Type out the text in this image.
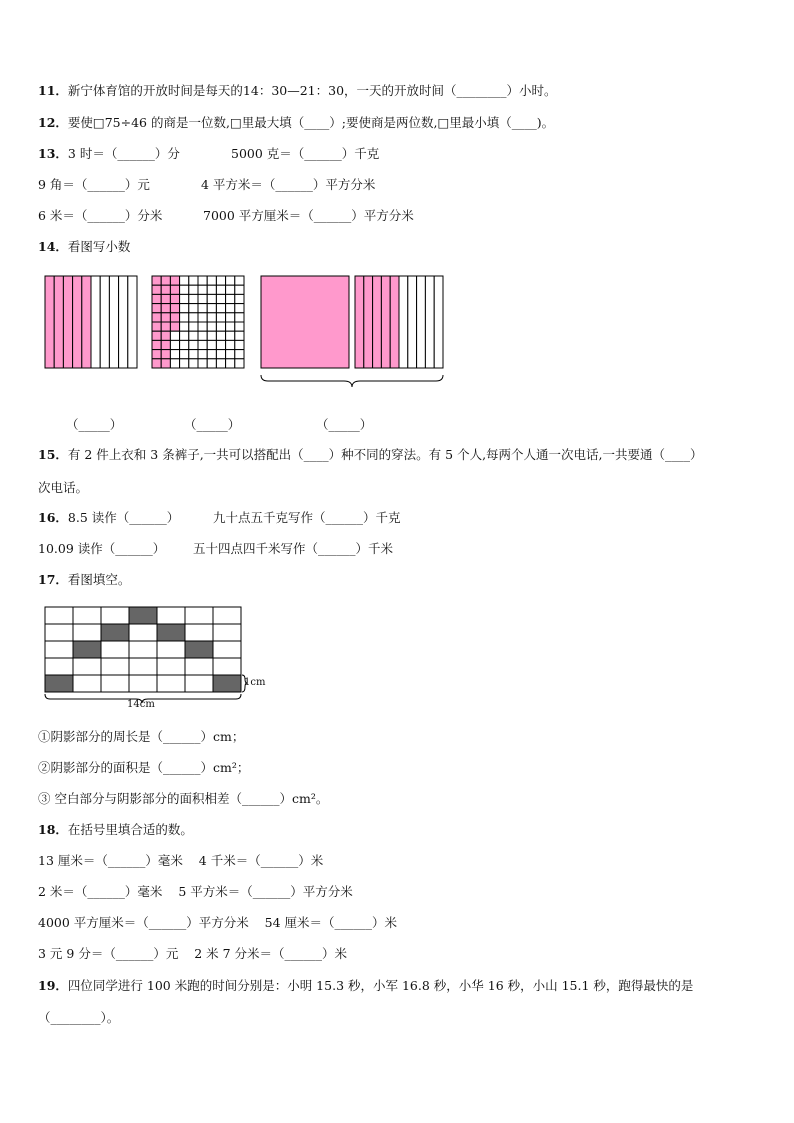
11．新宁体育馆的开放时间是每天的14：30—21：30，一天的开放时间（________）小时。
12．要使□75÷46 的商是一位数,□里最大填（____）;要使商是两位数,□里最小填（____)。
13．3 时＝（______）分	5000 克＝（______）千克
9 角＝（______）元	4 平方米＝（______）平方分米
6 米＝（______）分米	7000 平方厘米＝（______）平方分米
14．看图写小数
（_____）	（_____）	（_____）
15．有 2 件上衣和 3 条裤子,一共可以搭配出（____）种不同的穿法。有 5 个人,每两个人通一次电话,一共要通（____）
次电话。
16．8.5 读作（______）	九十点五千克写作（______）千克
10.09 读作（______） 五十四点四千米写作（______）千米
17．看图填空。
1cm
14cm
①阴影部分的周长是（______）cm；
②阴影部分的面积是（______）cm²；
③ 空白部分与阴影部分的面积相差（______）cm²。
18．在括号里填合适的数。
13 厘米＝（______）毫米    4 千米＝（______）米
2 米＝（______）毫米    5 平方米＝（______）平方分米
4000 平方厘米＝（______）平方分米    54 厘米＝（______）米
3 元 9 分＝（______）元    2 米 7 分米＝（______）米
19．四位同学进行 100 米跑的时间分别是：小明 15.3 秒，小军 16.8 秒，小华 16 秒，小山 15.1 秒，跑得最快的是
（________）。
